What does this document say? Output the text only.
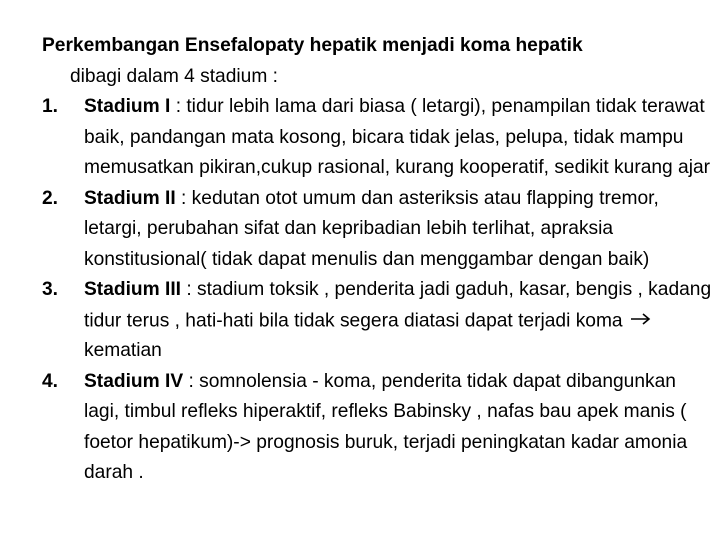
Perkembangan Ensefalopaty hepatik menjadi koma hepatik
dibagi dalam 4 stadium :
1. Stadium I : tidur lebih lama dari biasa ( letargi), penampilan tidak terawat baik, pandangan mata kosong, bicara tidak jelas, pelupa, tidak mampu memusatkan pikiran,cukup rasional, kurang kooperatif, sedikit kurang ajar
2. Stadium II : kedutan otot umum dan asteriksis atau flapping tremor, letargi, perubahan sifat dan kepribadian lebih terlihat, apraksia konstitusional( tidak dapat menulis dan menggambar dengan baik)
3. Stadium III : stadium toksik , penderita jadi gaduh, kasar, bengis , kadang tidur terus , hati-hati bila tidak segera diatasi dapat terjadi koma  kematian
4. Stadium IV : somnolensia - koma, penderita tidak dapat dibangunkan lagi, timbul refleks hiperaktif, refleks Babinsky , nafas bau apek manis ( foetor hepatikum)-> prognosis buruk, terjadi peningkatan kadar amonia darah .
